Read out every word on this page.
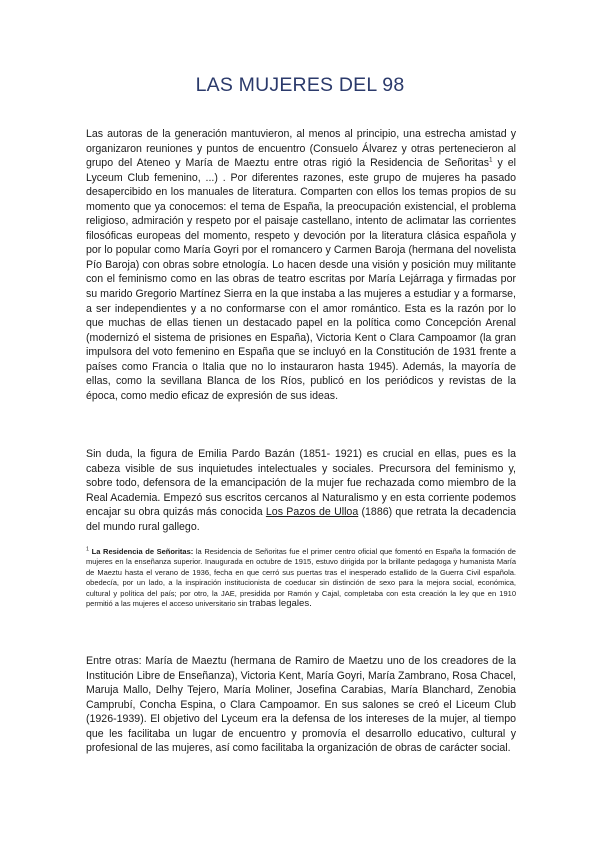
LAS MUJERES DEL 98

Las autoras de la generación mantuvieron, al menos al principio, una estrecha amistad y organizaron reuniones y puntos de encuentro (Consuelo Álvarez y otras pertenecieron al grupo del Ateneo y María de Maeztu entre otras rigió la Residencia de Señoritas$^1$ y el Lyceum Club femenino, ...) . Por diferentes razones, este grupo de mujeres ha pasado desapercibido en los manuales de literatura. Comparten con ellos los temas propios de su momento que ya conocemos: el tema de España, la preocupación existencial, el problema religioso, admiración y respeto por el paisaje castellano, intento de aclimatar las corrientes filosóficas europeas del momento, respeto y devoción por la literatura clásica española y por lo popular como María Goyri por el romancero y Carmen Baroja (hermana del novelista Pío Baroja) con obras sobre etnología. Lo hacen desde una visión y posición muy militante con el feminismo como en las obras de teatro escritas por María Lejárraga y firmadas por su marido Gregorio Martínez Sierra en la que instaba a las mujeres a estudiar y a formarse, a ser independientes y a no conformarse con el amor romántico. Esta es la razón por lo que muchas de ellas tienen un destacado papel en la política como Concepción Arenal (modernizó el sistema de prisiones en España), Victoria Kent o Clara Campoamor (la gran impulsora del voto femenino en España que se incluyó en la Constitución de 1931 frente a países como Francia o Italia que no lo instauraron hasta 1945). Además, la mayoría de ellas, como la sevillana Blanca de los Ríos, publicó en los periódicos y revistas de la época, como medio eficaz de expresión de sus ideas.

Sin duda, la figura de Emilia Pardo Bazán (1851- 1921) es crucial en ellas, pues es la cabeza visible de sus inquietudes intelectuales y sociales. Precursora del feminismo y, sobre todo, defensora de la emancipación de la mujer fue rechazada como miembro de la Real Academia. Empezó sus escritos cercanos al Naturalismo y en esta corriente podemos encajar su obra quizás más conocida Los Pazos de Ulloa (1886) que retrata la decadencia del mundo rural gallego.

$^1$ La Residencia de Señoritas: la Residencia de Señoritas fue el primer centro oficial que fomentó en España la formación de mujeres en la enseñanza superior. Inaugurada en octubre de 1915, estuvo dirigida por la brillante pedagoga y humanista María de Maeztu hasta el verano de 1936, fecha en que cerró sus puertas tras el inesperado estallido de la Guerra Civil española. obedecía, por un lado, a la inspiración institucionista de coeducar sin distinción de sexo para la mejora social, económica, cultural y política del país; por otro, la JAE, presidida por Ramón y Cajal, completaba con esta creación la ley que en 1910 permitió a las mujeres el acceso universitario sin trabas legales.

Entre otras: María de Maeztu (hermana de Ramiro de Maetzu uno de los creadores de la Institución Libre de Enseñanza), Victoria Kent, María Goyri, María Zambrano, Rosa Chacel, Maruja Mallo, Delhy Tejero, María Moliner, Josefina Carabias, María Blanchard, Zenobia Camprubí, Concha Espina, o Clara Campoamor. En sus salones se creó el Liceum Club (1926-1939). El objetivo del Lyceum era la defensa de los intereses de la mujer, al tiempo que les facilitaba un lugar de encuentro y promovía el desarrollo educativo, cultural y profesional de las mujeres, así como facilitaba la organización de obras de carácter social.
